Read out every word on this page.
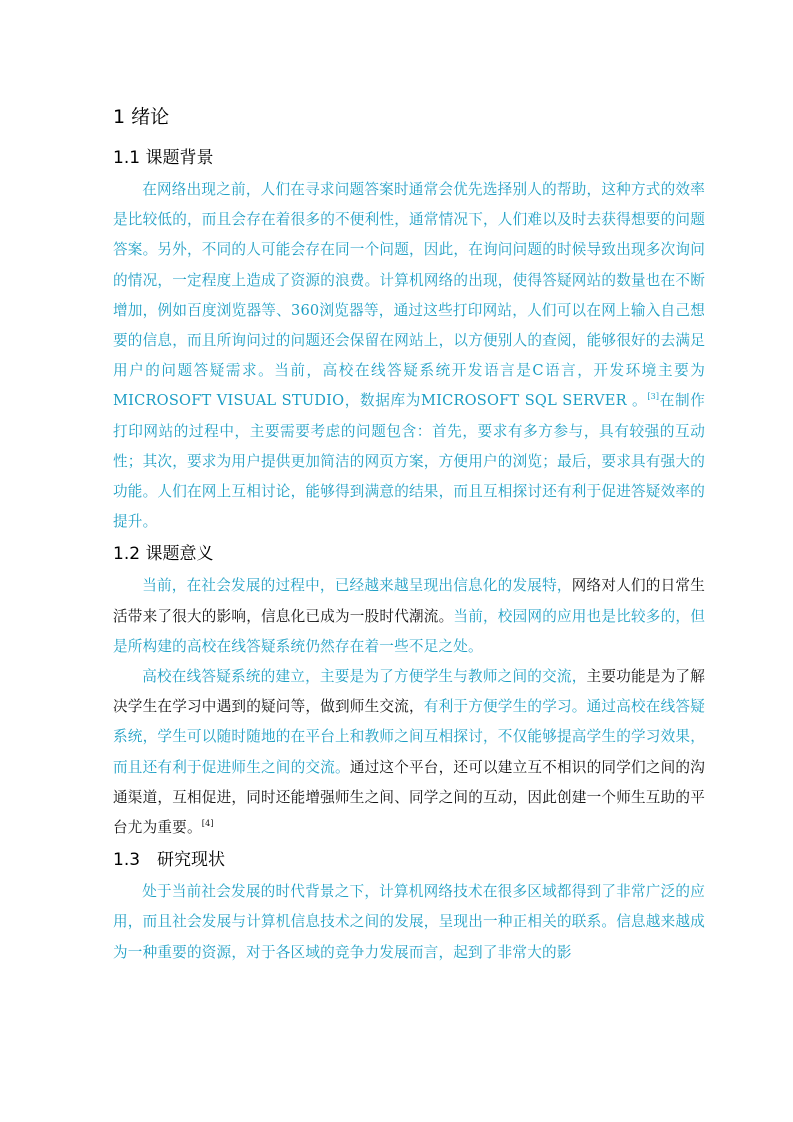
1 绪论
1.1 课题背景

在网络出现之前，人们在寻求问题答案时通常会优先选择别人的帮助，这种方式的效率是比较低的，而且会存在着很多的不便利性，通常情况下，人们难以及时去获得想要的问题答案。另外，不同的人可能会存在同一个问题，因此，在询问问题的时候导致出现多次询问的情况，一定程度上造成了资源的浪费。计算机网络的出现，使得答疑网站的数量也在不断增加，例如百度浏览器等、360浏览器等，通过这些打印网站，人们可以在网上输入自己想要的信息，而且所询问过的问题还会保留在网站上，以方便别人的查阅，能够很好的去满足用户的问题答疑需求。当前，高校在线答疑系统开发语言是C语言，开发环境主要为MICROSOFT VISUAL STUDIO，数据库为MICROSOFT SQL SERVER 。[3]在制作打印网站的过程中，主要需要考虑的问题包含：首先，要求有多方参与，具有较强的互动性；其次，要求为用户提供更加简洁的网页方案，方便用户的浏览；最后，要求具有强大的功能。人们在网上互相讨论，能够得到满意的结果，而且互相探讨还有利于促进答疑效率的提升。

1.2 课题意义

当前，在社会发展的过程中，已经越来越呈现出信息化的发展特，网络对人们的日常生活带来了很大的影响，信息化已成为一股时代潮流。当前，校园网的应用也是比较多的，但是所构建的高校在线答疑系统仍然存在着一些不足之处。

高校在线答疑系统的建立，主要是为了方便学生与教师之间的交流，主要功能是为了解决学生在学习中遇到的疑问等，做到师生交流，有利于方便学生的学习。通过高校在线答疑系统，学生可以随时随地的在平台上和教师之间互相探讨，不仅能够提高学生的学习效果，而且还有利于促进师生之间的交流。通过这个平台，还可以建立互不相识的同学们之间的沟通渠道，互相促进，同时还能增强师生之间、同学之间的互动，因此创建一个师生互助的平台尤为重要。[4]

1.3　研究现状

处于当前社会发展的时代背景之下，计算机网络技术在很多区域都得到了非常广泛的应用，而且社会发展与计算机信息技术之间的发展，呈现出一种正相关的联系。信息越来越成为一种重要的资源，对于各区域的竞争力发展而言，起到了非常大的影
